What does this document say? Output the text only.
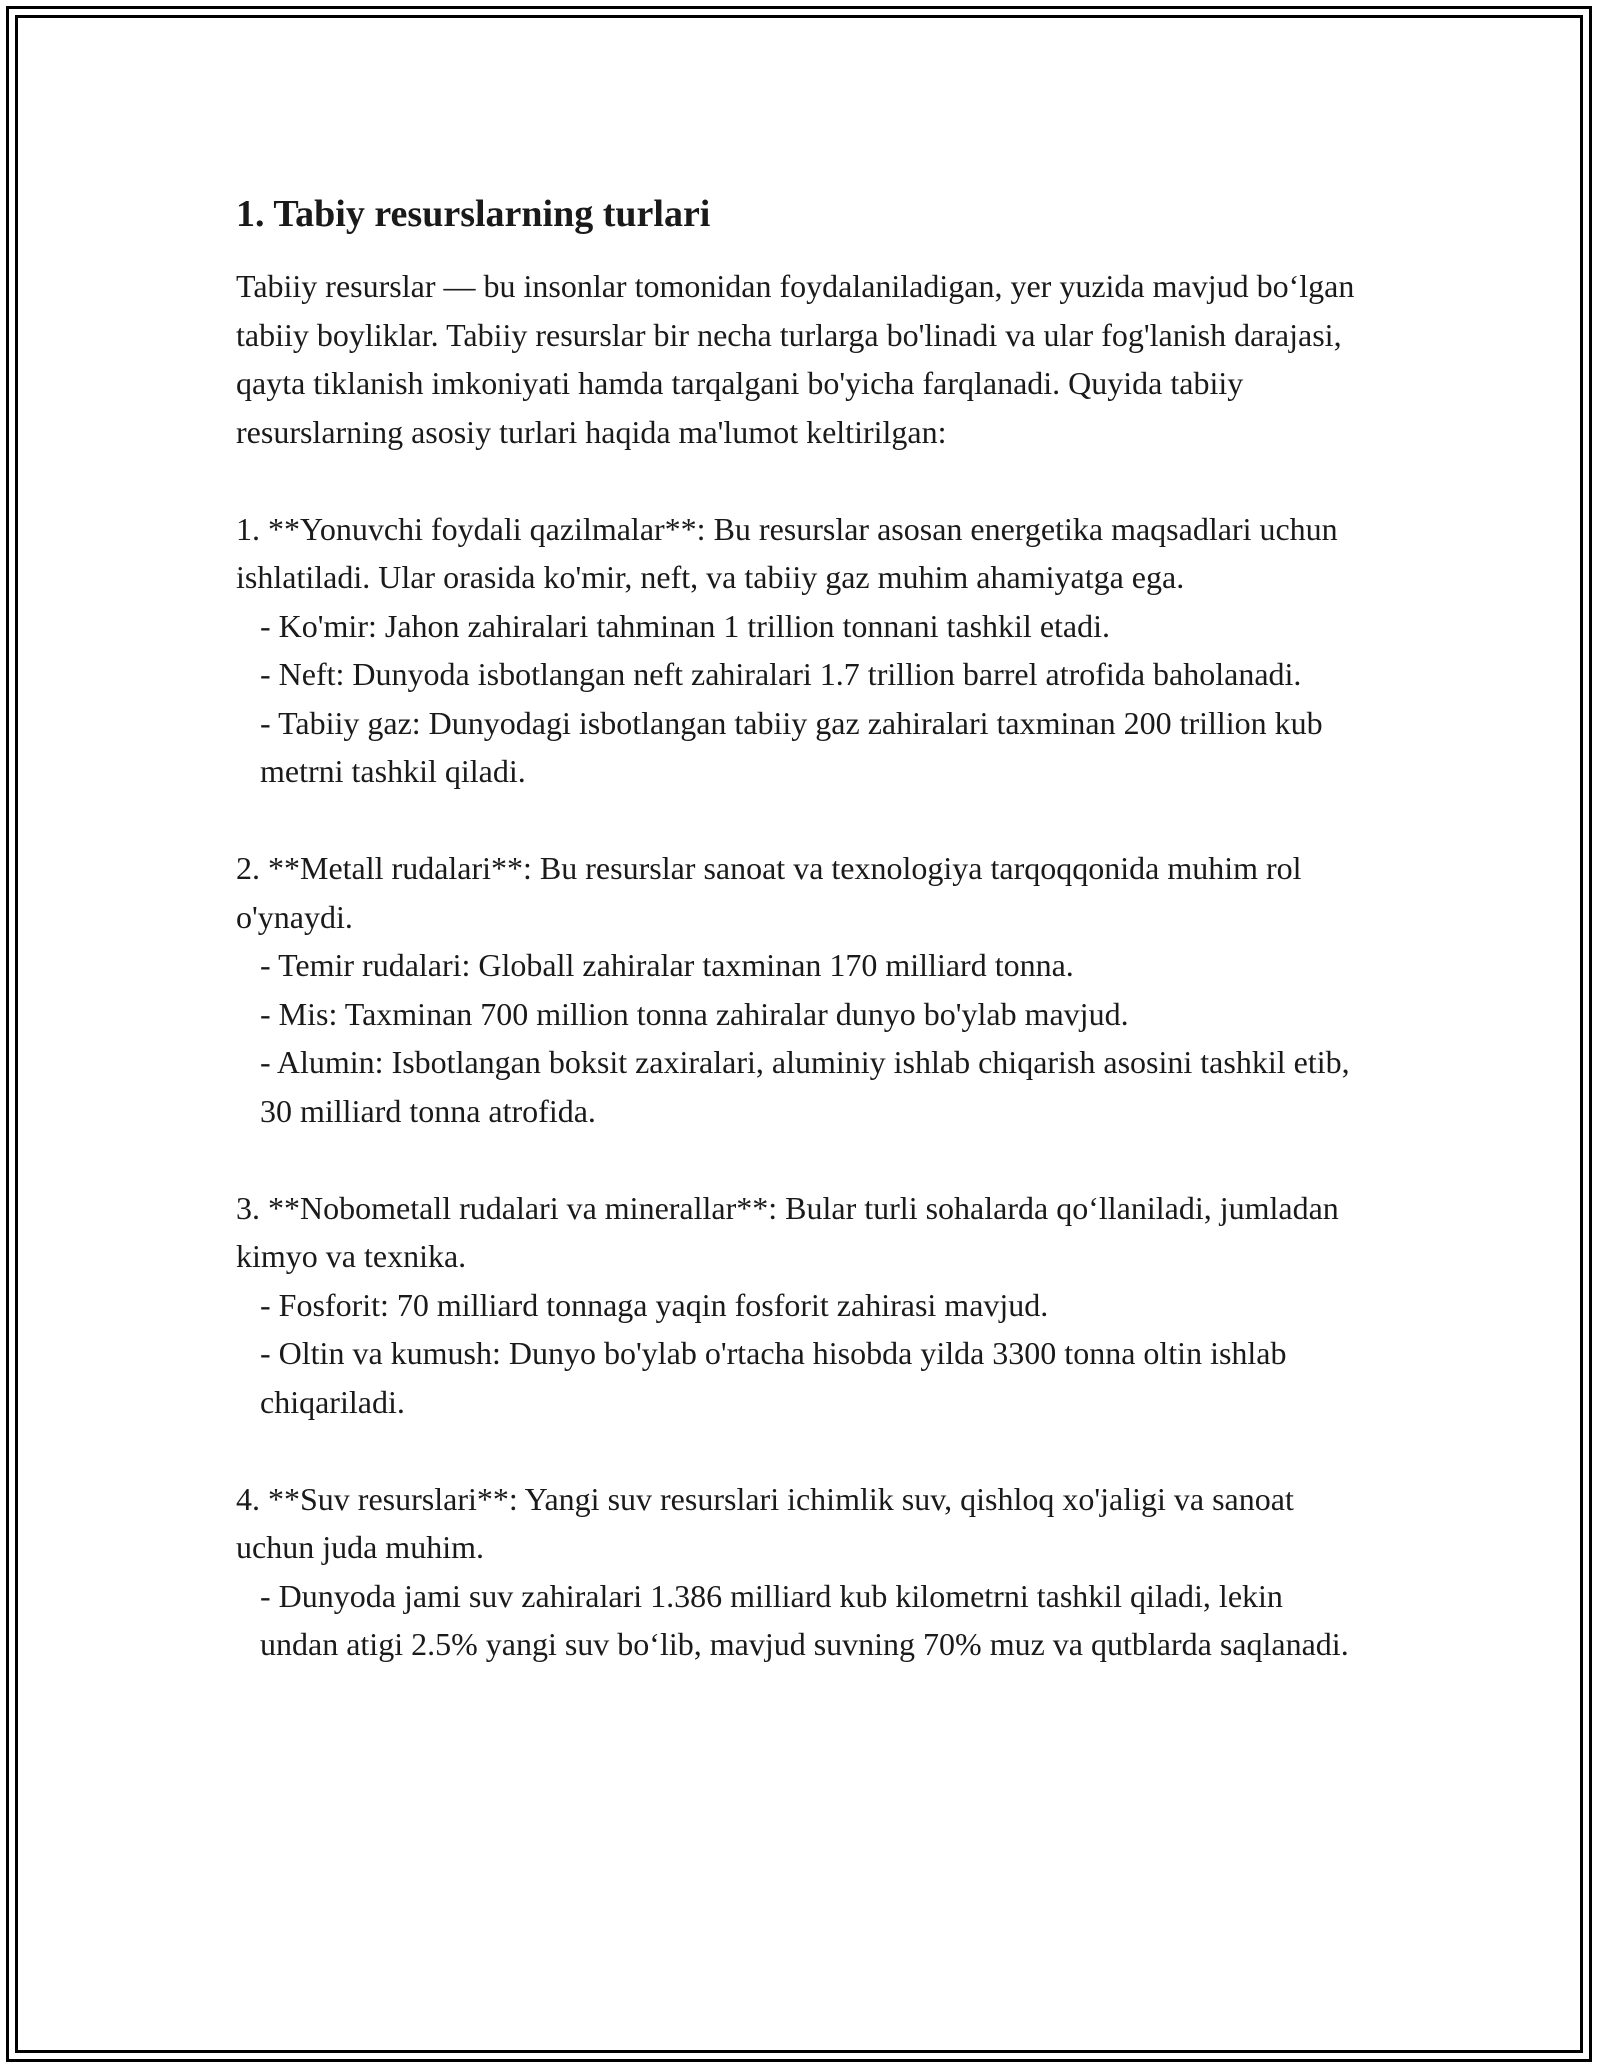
1. Tabiy resurslarning turlari

Tabiiy resurslar — bu insonlar tomonidan foydalaniladigan, yer yuzida mavjud bo‘lgan tabiiy boyliklar. Tabiiy resurslar bir necha turlarga bo'linadi va ular fog'lanish darajasi, qayta tiklanish imkoniyati hamda tarqalgani bo'yicha farqlanadi. Quyida tabiiy resurslarning asosiy turlari haqida ma'lumot keltirilgan:

1. **Yonuvchi foydali qazilmalar**: Bu resurslar asosan energetika maqsadlari uchun ishlatiladi. Ular orasida ko'mir, neft, va tabiiy gaz muhim ahamiyatga ega.

- Ko'mir: Jahon zahiralari tahminan 1 trillion tonnani tashkil etadi.

- Neft: Dunyoda isbotlangan neft zahiralari 1.7 trillion barrel atrofida baholanadi.

- Tabiiy gaz: Dunyodagi isbotlangan tabiiy gaz zahiralari taxminan 200 trillion kub metrni tashkil qiladi.

2. **Metall rudalari**: Bu resurslar sanoat va texnologiya tarqoqqonida muhim rol o'ynaydi.

- Temir rudalari: Globall zahiralar taxminan 170 milliard tonna.

- Mis: Taxminan 700 million tonna zahiralar dunyo bo'ylab mavjud.

- Alumin: Isbotlangan boksit zaxiralari, aluminiy ishlab chiqarish asosini tashkil etib, 30 milliard tonna atrofida.

3. **Nobometall rudalari va minerallar**: Bular turli sohalarda qo‘llaniladi, jumladan kimyo va texnika.

- Fosforit: 70 milliard tonnaga yaqin fosforit zahirasi mavjud.

- Oltin va kumush: Dunyo bo'ylab o'rtacha hisobda yilda 3300 tonna oltin ishlab chiqariladi.

4. **Suv resurslari**: Yangi suv resurslari ichimlik suv, qishloq xo'jaligi va sanoat uchun juda muhim.

- Dunyoda jami suv zahiralari 1.386 milliard kub kilometrni tashkil qiladi, lekin undan atigi 2.5% yangi suv bo‘lib, mavjud suvning 70% muz va qutblarda saqlanadi.
